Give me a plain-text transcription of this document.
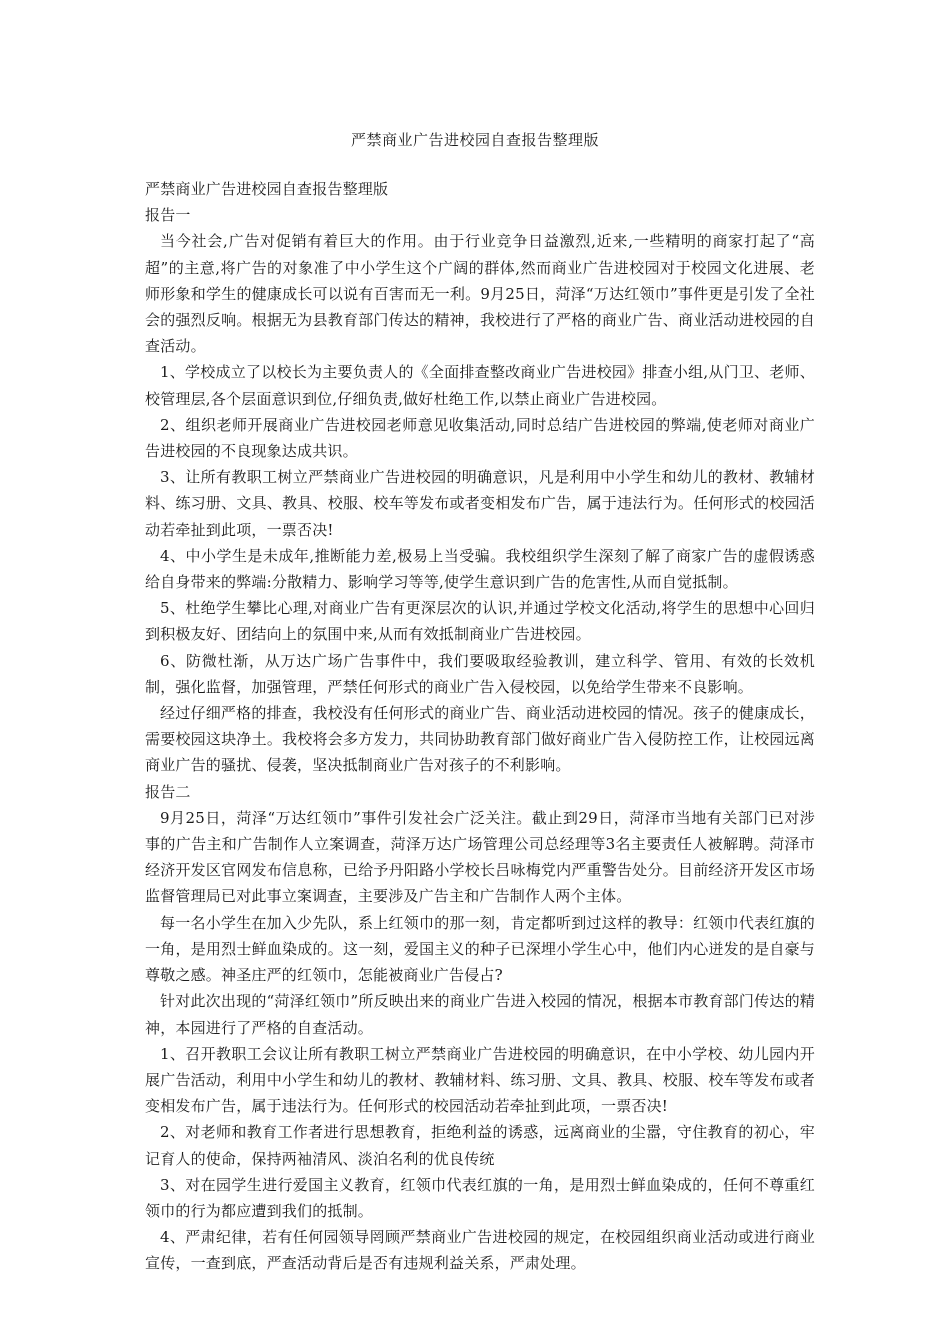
严禁商业广告进校园自查报告整理版

严禁商业广告进校园自查报告整理版

报告一

当今社会,广告对促销有着巨大的作用。由于行业竞争日益激烈,近来,一些精明的商家打起了“高超”的主意,将广告的对象准了中小学生这个广阔的群体,然而商业广告进校园对于校园文化进展、老师形象和学生的健康成长可以说有百害而无一利。9月25日，菏泽“万达红领巾”事件更是引发了全社会的强烈反响。根据无为县教育部门传达的精神，我校进行了严格的商业广告、商业活动进校园的自查活动。

1、学校成立了以校长为主要负责人的《全面排查整改商业广告进校园》排查小组,从门卫、老师、校管理层,各个层面意识到位,仔细负责,做好杜绝工作,以禁止商业广告进校园。

2、组织老师开展商业广告进校园老师意见收集活动,同时总结广告进校园的弊端,使老师对商业广告进校园的不良现象达成共识。

3、让所有教职工树立严禁商业广告进校园的明确意识，凡是利用中小学生和幼儿的教材、教辅材料、练习册、文具、教具、校服、校车等发布或者变相发布广告，属于违法行为。任何形式的校园活动若牵扯到此项，一票否决!

4、中小学生是未成年,推断能力差,极易上当受骗。我校组织学生深刻了解了商家广告的虚假诱惑给自身带来的弊端:分散精力、影响学习等等,使学生意识到广告的危害性,从而自觉抵制。

5、杜绝学生攀比心理,对商业广告有更深层次的认识,并通过学校文化活动,将学生的思想中心回归到积极友好、团结向上的氛围中来,从而有效抵制商业广告进校园。

6、防微杜渐，从万达广场广告事件中，我们要吸取经验教训，建立科学、管用、有效的长效机制，强化监督，加强管理，严禁任何形式的商业广告入侵校园，以免给学生带来不良影响。

经过仔细严格的排查，我校没有任何形式的商业广告、商业活动进校园的情况。孩子的健康成长，需要校园这块净土。我校将会多方发力，共同协助教育部门做好商业广告入侵防控工作，让校园远离商业广告的骚扰、侵袭，坚决抵制商业广告对孩子的不利影响。

报告二

9月25日，菏泽“万达红领巾”事件引发社会广泛关注。截止到29日，菏泽市当地有关部门已对涉事的广告主和广告制作人立案调查，菏泽万达广场管理公司总经理等3名主要责任人被解聘。菏泽市经济开发区官网发布信息称，已给予丹阳路小学校长吕咏梅党内严重警告处分。目前经济开发区市场监督管理局已对此事立案调查，主要涉及广告主和广告制作人两个主体。

每一名小学生在加入少先队，系上红领巾的那一刻，肯定都听到过这样的教导：红领巾代表红旗的一角，是用烈士鲜血染成的。这一刻，爱国主义的种子已深埋小学生心中，他们内心迸发的是自豪与尊敬之感。神圣庄严的红领巾，怎能被商业广告侵占?

针对此次出现的“菏泽红领巾”所反映出来的商业广告进入校园的情况，根据本市教育部门传达的精神，本园进行了严格的自查活动。

1、召开教职工会议让所有教职工树立严禁商业广告进校园的明确意识，在中小学校、幼儿园内开展广告活动，利用中小学生和幼儿的教材、教辅材料、练习册、文具、教具、校服、校车等发布或者变相发布广告，属于违法行为。任何形式的校园活动若牵扯到此项，一票否决!

2、对老师和教育工作者进行思想教育，拒绝利益的诱惑，远离商业的尘嚣，守住教育的初心，牢记育人的使命，保持两袖清风、淡泊名利的优良传统

3、对在园学生进行爱国主义教育，红领巾代表红旗的一角，是用烈士鲜血染成的，任何不尊重红领巾的行为都应遭到我们的抵制。

4、严肃纪律，若有任何园领导罔顾严禁商业广告进校园的规定，在校园组织商业活动或进行商业宣传，一查到底，严查活动背后是否有违规利益关系，严肃处理。
